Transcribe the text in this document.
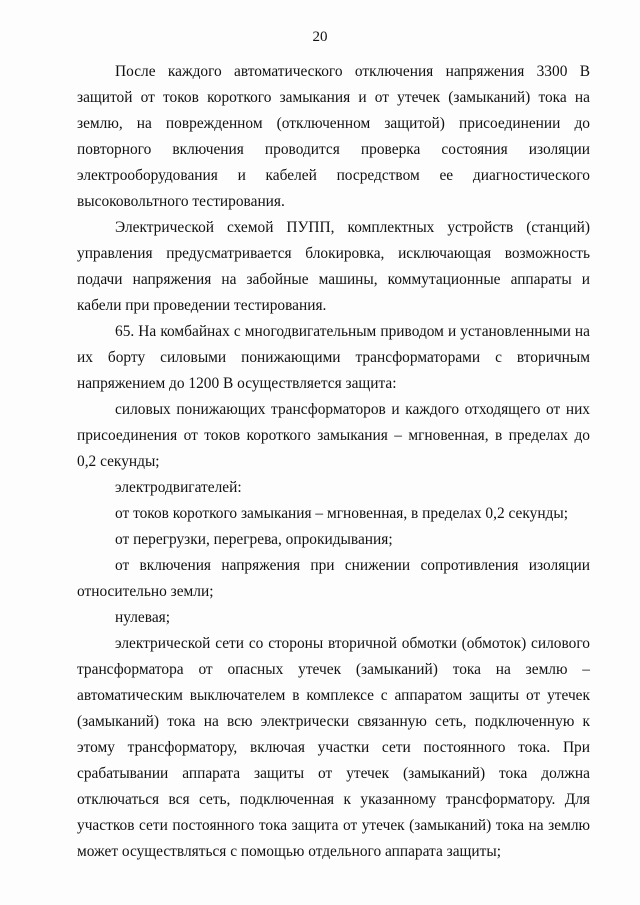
20

После каждого автоматического отключения напряжения 3300 В защитой от токов короткого замыкания и от утечек (замыканий) тока на землю, на поврежденном (отключенном защитой) присоединении до повторного включения проводится проверка состояния изоляции электрооборудования и кабелей посредством ее диагностического высоковольтного тестирования.

Электрической схемой ПУПП, комплектных устройств (станций) управления предусматривается блокировка, исключающая возможность подачи напряжения на забойные машины, коммутационные аппараты и кабели при проведении тестирования.

65. На комбайнах с многодвигательным приводом и установленными на их борту силовыми понижающими трансформаторами с вторичным напряжением до 1200 В осуществляется защита:

силовых понижающих трансформаторов и каждого отходящего от них присоединения от токов короткого замыкания – мгновенная, в пределах до 0,2 секунды;

электродвигателей:

от токов короткого замыкания – мгновенная, в пределах 0,2 секунды;

от перегрузки, перегрева, опрокидывания;

от включения напряжения при снижении сопротивления изоляции относительно земли;

нулевая;

электрической сети со стороны вторичной обмотки (обмоток) силового трансформатора от опасных утечек (замыканий) тока на землю – автоматическим выключателем в комплексе с аппаратом защиты от утечек (замыканий) тока на всю электрически связанную сеть, подключенную к этому трансформатору, включая участки сети постоянного тока. При срабатывании аппарата защиты от утечек (замыканий) тока должна отключаться вся сеть, подключенная к указанному трансформатору. Для участков сети постоянного тока защита от утечек (замыканий) тока на землю может осуществляться с помощью отдельного аппарата защиты;
